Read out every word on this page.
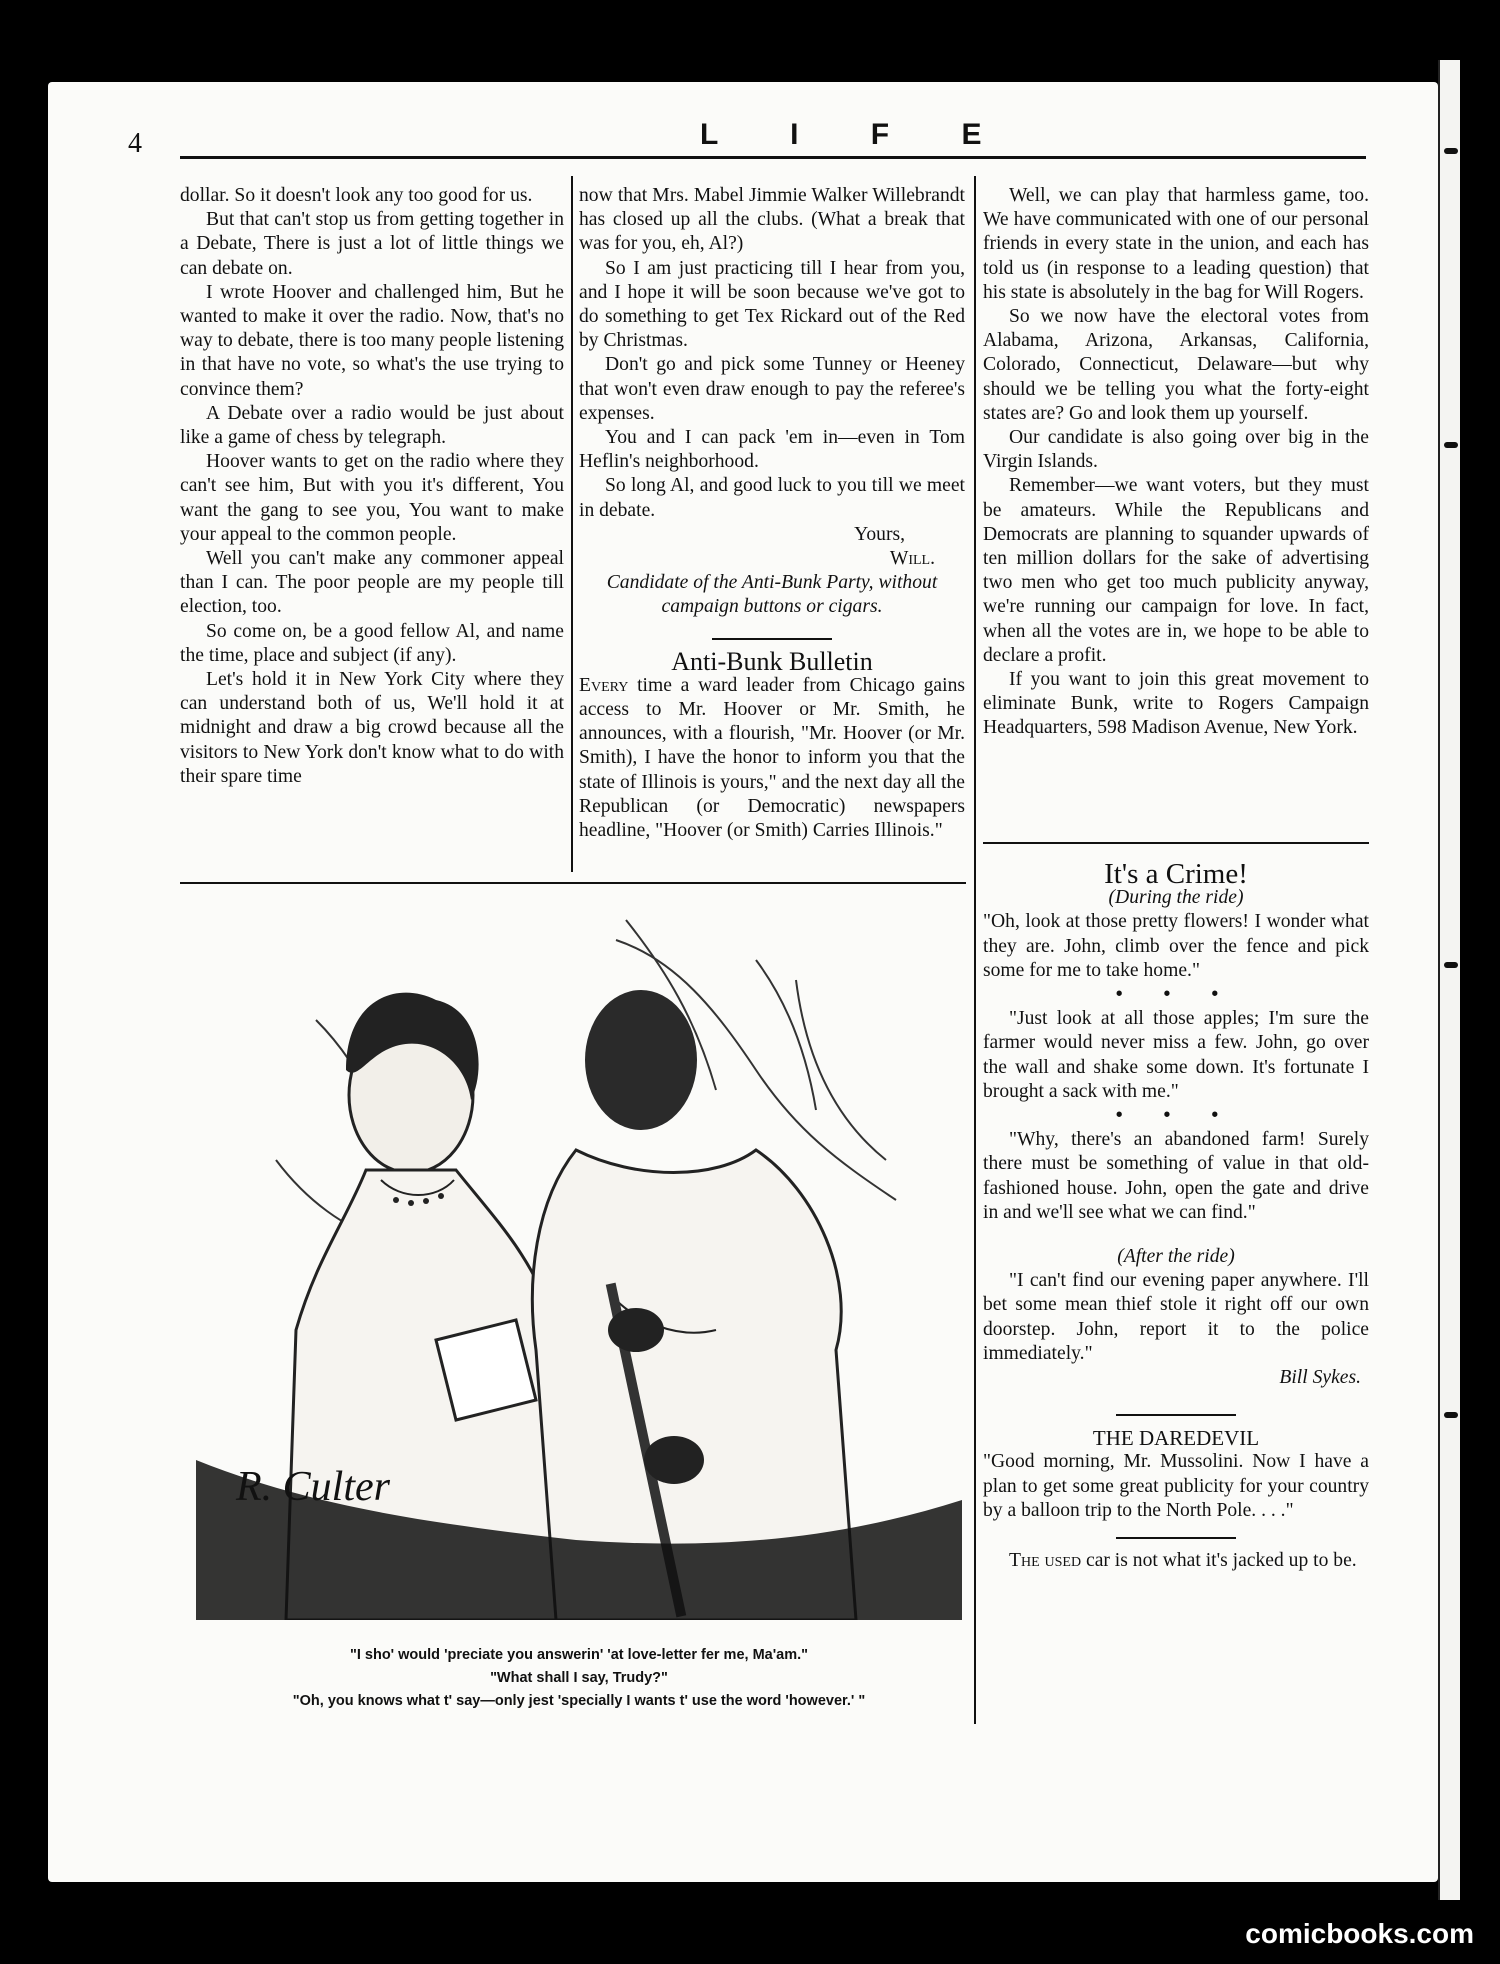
4	L I F E

dollar. So it doesn't look any too good for us.

But that can't stop us from getting together in a Debate, There is just a lot of little things we can debate on.

I wrote Hoover and challenged him, But he wanted to make it over the radio. Now, that's no way to debate, there is too many people listening in that have no vote, so what's the use trying to convince them?

A Debate over a radio would be just about like a game of chess by telegraph.

Hoover wants to get on the radio where they can't see him, But with you it's different, You want the gang to see you, You want to make your appeal to the common people.

Well you can't make any commoner appeal than I can. The poor people are my people till election, too.

So come on, be a good fellow Al, and name the time, place and subject (if any).

Let's hold it in New York City where they can understand both of us, We'll hold it at midnight and draw a big crowd because all the visitors to New York don't know what to do with their spare time

now that Mrs. Mabel Jimmie Walker Willebrandt has closed up all the clubs. (What a break that was for you, eh, Al?)

So I am just practicing till I hear from you, and I hope it will be soon because we've got to do something to get Tex Rickard out of the Red by Christmas.

Don't go and pick some Tunney or Heeney that won't even draw enough to pay the referee's expenses.

You and I can pack 'em in—even in Tom Heflin's neighborhood.

So long Al, and good luck to you till we meet in debate.

Yours,

Will.

Candidate of the Anti-Bunk Party, without campaign buttons or cigars.

Anti-Bunk Bulletin

Every time a ward leader from Chicago gains access to Mr. Hoover or Mr. Smith, he announces, with a flourish, "Mr. Hoover (or Mr. Smith), I have the honor to inform you that the state of Illinois is yours," and the next day all the Republican (or Democratic) newspapers headline, "Hoover (or Smith) Carries Illinois."

Well, we can play that harmless game, too. We have communicated with one of our personal friends in every state in the union, and each has told us (in response to a leading question) that his state is absolutely in the bag for Will Rogers.

So we now have the electoral votes from Alabama, Arizona, Arkansas, California, Colorado, Connecticut, Delaware—but why should we be telling you what the forty-eight states are? Go and look them up yourself.

Our candidate is also going over big in the Virgin Islands.

Remember—we want voters, but they must be amateurs. While the Republicans and Democrats are planning to squander upwards of ten million dollars for the sake of advertising two men who get too much publicity anyway, we're running our campaign for love. In fact, when all the votes are in, we hope to be able to declare a profit.

If you want to join this great movement to eliminate Bunk, write to Rogers Campaign Headquarters, 598 Madison Avenue, New York.

It's a Crime!

(During the ride)

"Oh, look at those pretty flowers! I wonder what they are. John, climb over the fence and pick some for me to take home."

• • •

"Just look at all those apples; I'm sure the farmer would never miss a few. John, go over the wall and shake some down. It's fortunate I brought a sack with me."

• • •

"Why, there's an abandoned farm! Surely there must be something of value in that old-fashioned house. John, open the gate and drive in and we'll see what we can find."

(After the ride)

"I can't find our evening paper anywhere. I'll bet some mean thief stole it right off our own doorstep. John, report it to the police immediately."

Bill Sykes.

THE DAREDEVIL

"Good morning, Mr. Mussolini. Now I have a plan to get some great publicity for your country by a balloon trip to the North Pole. . . ."

The used car is not what it's jacked up to be.

R. Culter
"I sho' would 'preciate you answerin' 'at love-letter fer me, Ma'am."
"What shall I say, Trudy?"
"Oh, you knows what t' say—only jest 'specially I wants t' use the word 'however.' "
comicbooks.com
